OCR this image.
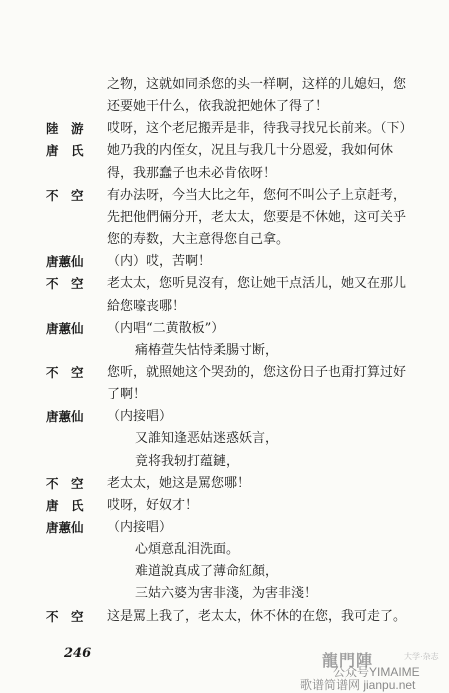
之物，这就如同杀您的头一样啊，这样的儿媳妇，您
还要她干什么，依我說把她休了得了！
陸　游	哎呀，这个老尼搬弄是非，待我寻找兄长前来。（下）
唐　氏	她乃我的内侄女，况且与我几十分恩爱，我如何休
得，我那蠢子也未必肯依呀！
不　空	有办法呀，今当大比之年，您何不叫公子上京赶考，
先把他們倆分开，老太太，您要是不休她，这可关乎
您的寿数，大主意得您自己拿。
唐蕙仙	（内）哎，苦啊！
不　空	老太太，您听見沒有，您让她干点活儿，她又在那儿
給您嚎丧哪！
唐蕙仙	（内唱“二黄散板”）
痛椿萱失怙恃柔腸寸断，
不　空	您听，就照她这个哭劲的，您这份日子也甭打算过好
了啊！
唐蕙仙	（内接唱）
又誰知逢恶姑迷惑妖言，
竟将我轫打蕴鏈，
不　空	老太太，她这是罵您哪！
唐　氏	哎呀，好奴才！
唐蕙仙	（内接唱）
心煩意乱泪洗面。
难道說真成了薄命紅顏，
三姑六婆为害非淺，为害非淺！
不　空	这是罵上我了，老太太，休不休的在您，我可走了。
246	龍門陣	大学·杂志
公众号YIMAIME
歌谱简谱网 jianpu.net
